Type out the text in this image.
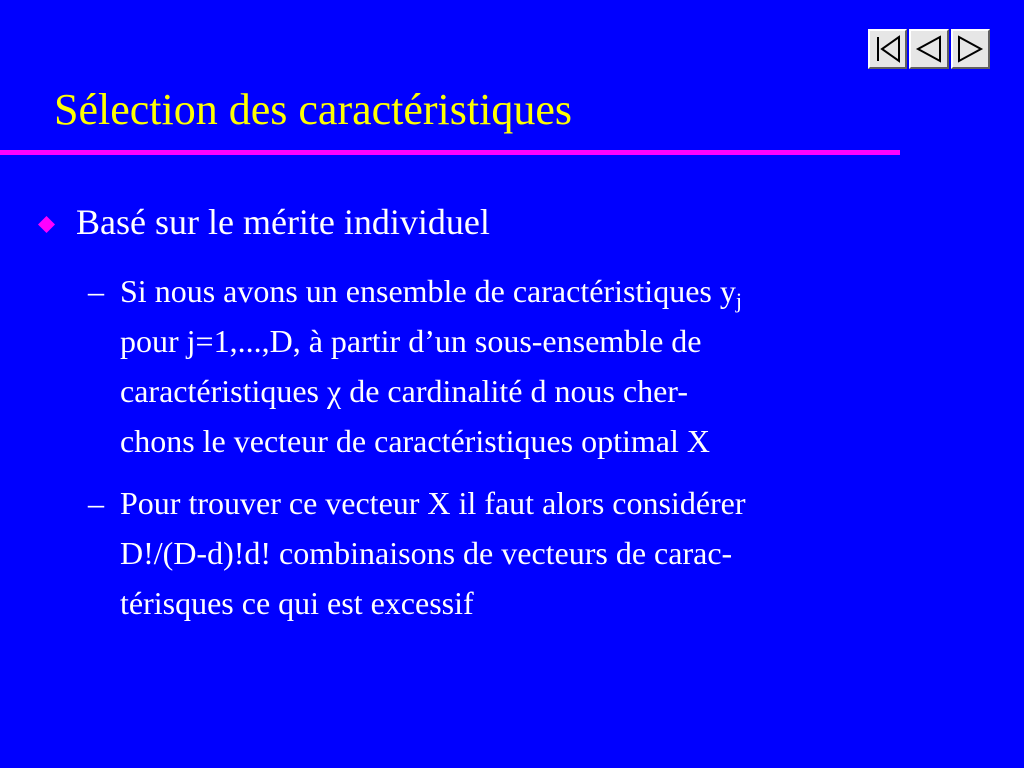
Sélection des caractéristiques
Basé sur le mérite individuel
– Si nous avons un ensemble de caractéristiques $y_j$
pour j=1,...,D, à partir d’un sous-ensemble de
caractéristiques χ de cardinalité d nous cher-
chons le vecteur de caractéristiques optimal X
– Pour trouver ce vecteur X il faut alors considérer
D!/(D-d)!d! combinaisons de vecteurs de carac-
térisques ce qui est excessif
